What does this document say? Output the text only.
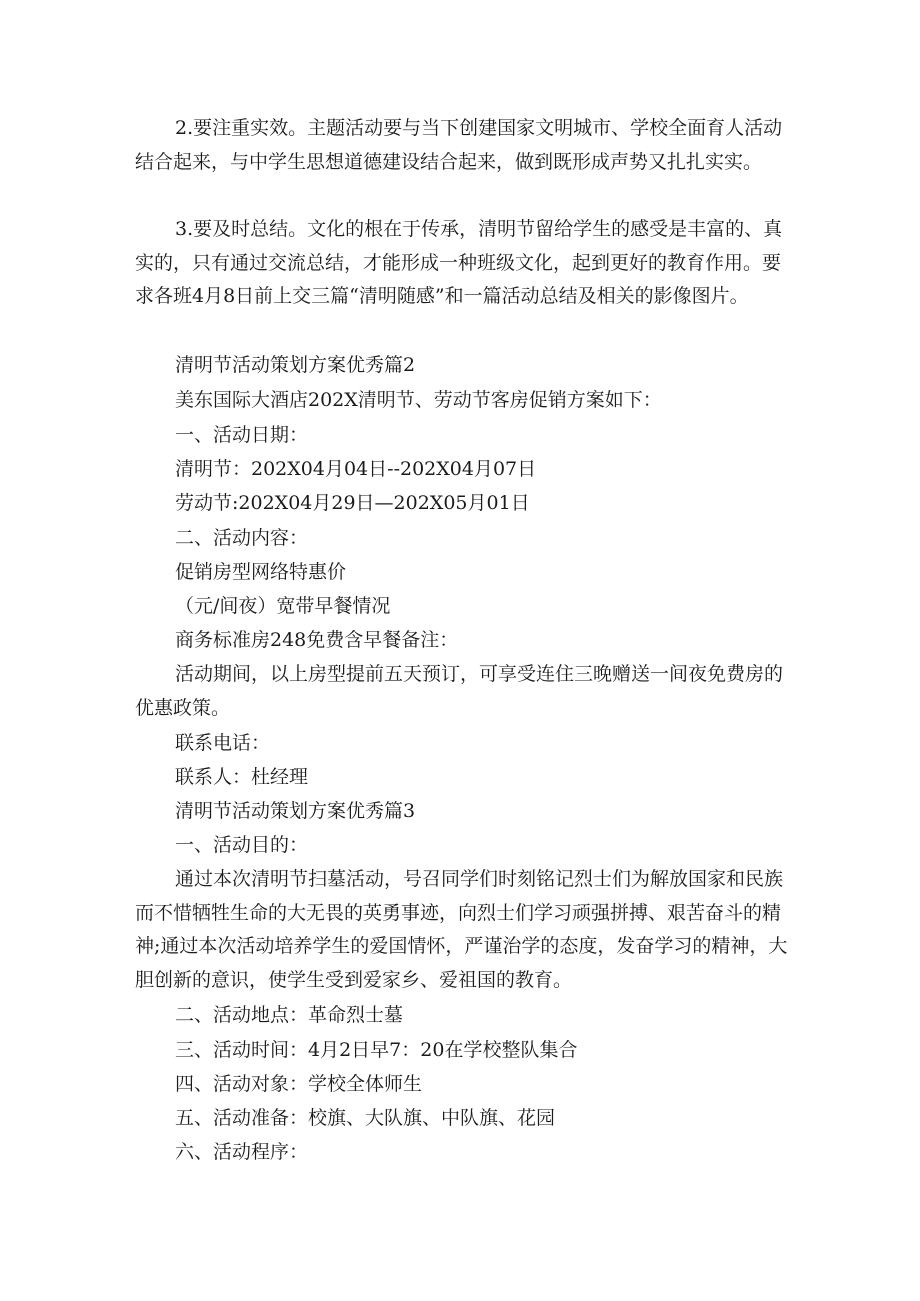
2.要注重实效。主题活动要与当下创建国家文明城市、学校全面育人活动结合起来，与中学生思想道德建设结合起来，做到既形成声势又扎扎实实。

3.要及时总结。文化的根在于传承，清明节留给学生的感受是丰富的、真实的，只有通过交流总结，才能形成一种班级文化，起到更好的教育作用。要求各班4月8日前上交三篇“清明随感”和一篇活动总结及相关的影像图片。

清明节活动策划方案优秀篇2

美东国际大酒店202X清明节、劳动节客房促销方案如下：

一、活动日期：

清明节：202X04月04日--202X04月07日

劳动节:202X04月29日—202X05月01日

二、活动内容：

促销房型网络特惠价

（元/间夜）宽带早餐情况

商务标准房248免费含早餐备注：

活动期间，以上房型提前五天预订，可享受连住三晚赠送一间夜免费房的优惠政策。

联系电话：

联系人：杜经理

清明节活动策划方案优秀篇3

一、活动目的：

通过本次清明节扫墓活动，号召同学们时刻铭记烈士们为解放国家和民族而不惜牺牲生命的大无畏的英勇事迹，向烈士们学习顽强拼搏、艰苦奋斗的精神;通过本次活动培养学生的爱国情怀，严谨治学的态度，发奋学习的精神，大胆创新的意识，使学生受到爱家乡、爱祖国的教育。

二、活动地点：革命烈士墓

三、活动时间：4月2日早7：20在学校整队集合

四、活动对象：学校全体师生

五、活动准备：校旗、大队旗、中队旗、花园

六、活动程序：
